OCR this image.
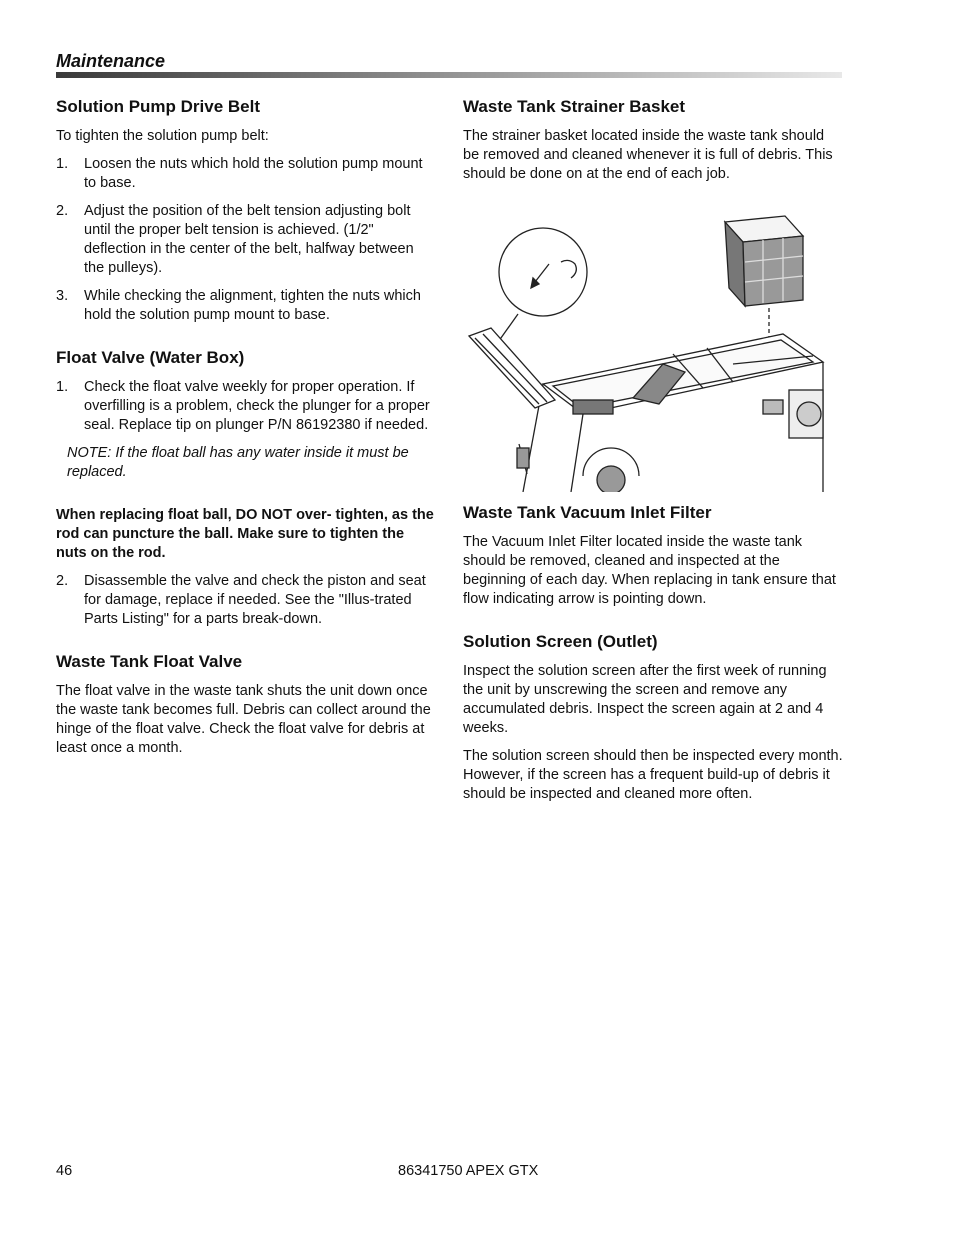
Maintenance
Solution Pump Drive Belt

To tighten the solution pump belt:

1. Loosen the nuts which hold the solution pump mount to base.
2. Adjust the position of the belt tension adjusting bolt until the proper belt tension is achieved. (1/2" deflection in the center of the belt, halfway between the pulleys).
3. While checking the alignment, tighten the nuts which hold the solution pump mount to base.
Float Valve (Water Box)
1. Check the float valve weekly for proper operation. If overfilling is a problem, check the plunger for a proper seal. Replace tip on plunger P/N 86192380 if needed.

NOTE: If the float ball has any water inside it must be replaced.

When replacing float ball, DO NOT over- tighten, as the rod can puncture the ball. Make sure to tighten the nuts on the rod.

2. Disassemble the valve and check the piston and seat for damage, replace if needed. See the "Illus-trated Parts Listing" for a parts break-down.
Waste Tank Float Valve

The float valve in the waste tank shuts the unit down once the waste tank becomes full. Debris can collect around the hinge of the float valve. Check the float valve for debris at least once a month.

Waste Tank Strainer Basket

The strainer basket located inside the waste tank should be removed and cleaned whenever it is full of debris. This should be done on at the end of each job.

Waste Tank Vacuum Inlet Filter

The Vacuum Inlet Filter located inside the waste tank should be removed, cleaned and inspected at the beginning of each day. When replacing in tank ensure that flow indicating arrow is pointing down.

Solution Screen (Outlet)

Inspect the solution screen after the first week of running the unit by unscrewing the screen and remove any accumulated debris. Inspect the screen again at 2 and 4 weeks.

The solution screen should then be inspected every month. However, if the screen has a frequent build-up of debris it should be inspected and cleaned more often.

46	86341750 APEX GTX
